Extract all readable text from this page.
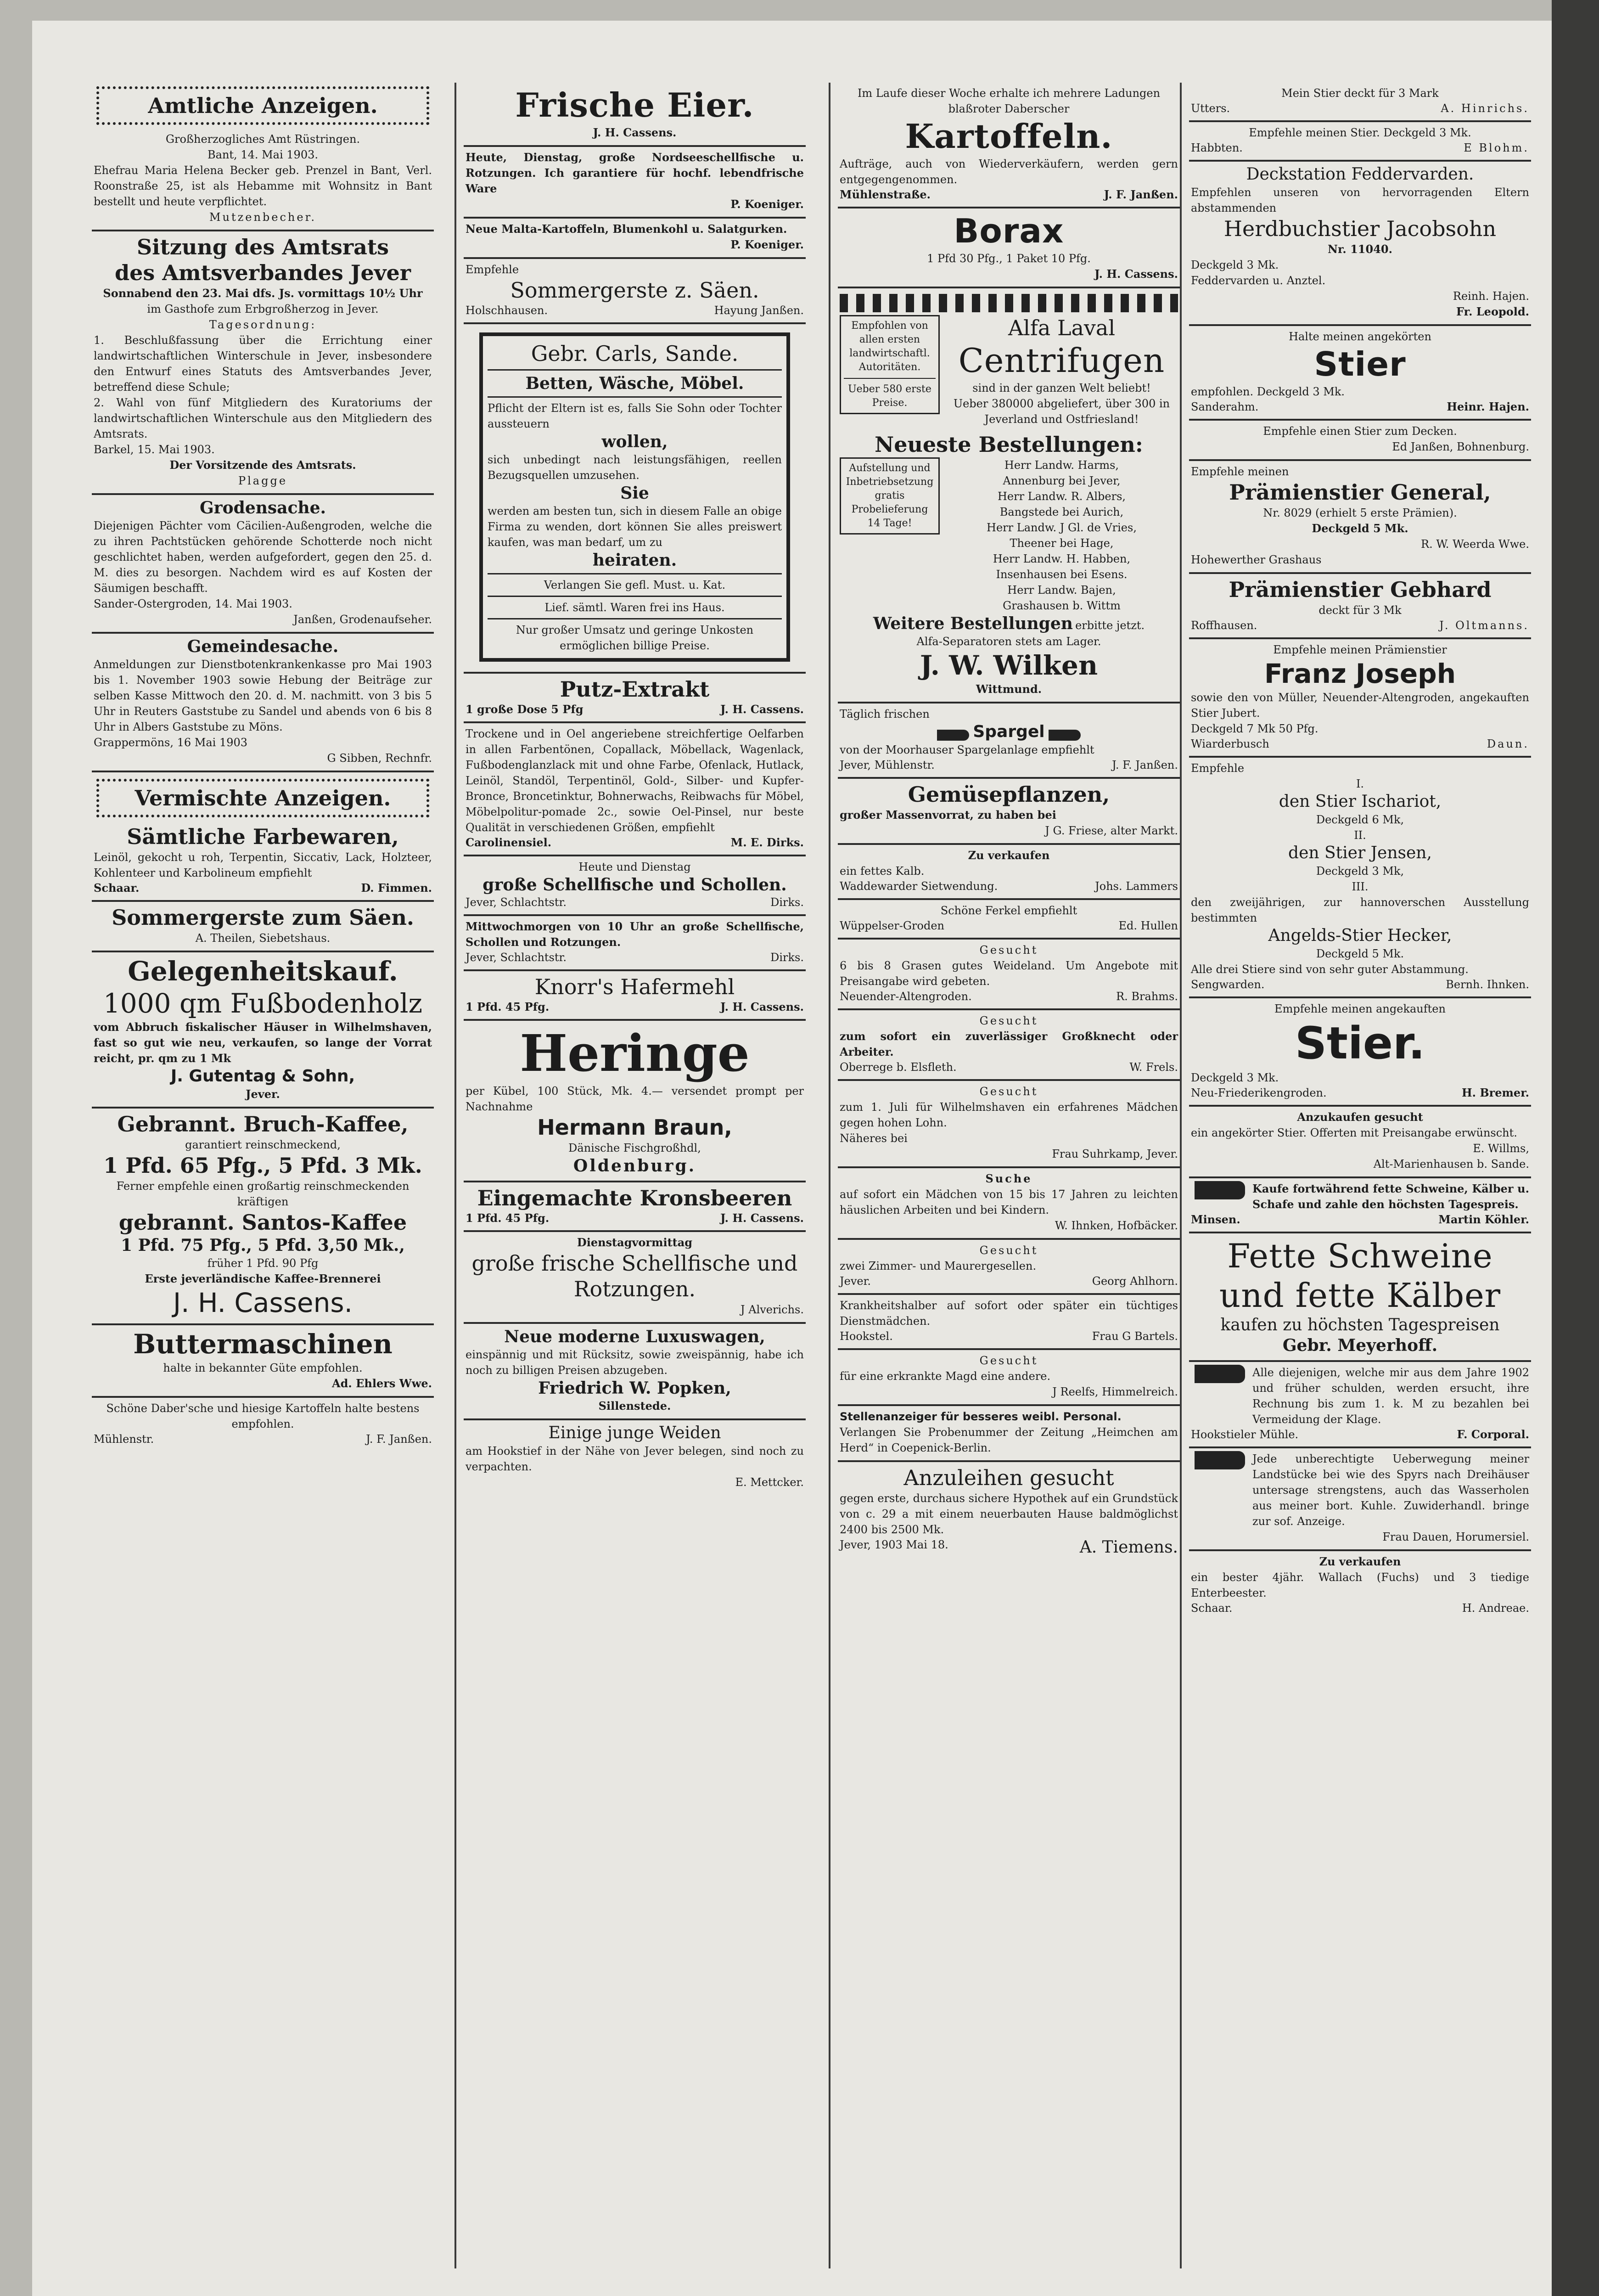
Amtliche Anzeigen.
Großherzogliches Amt Rüstringen.
Bant, 14. Mai 1903.
Ehefrau Maria Helena Becker geb. Prenzel in Bant, Verl. Roonstraße 25, ist als Hebamme mit Wohnsitz in Bant bestellt und heute verpflichtet.
Mutzenbecher.
Sitzung des Amtsrats
des Amtsverbandes Jever
Sonnabend den 23. Mai dfs. Js. vormittags 10½ Uhr
im Gasthofe zum Erbgroßherzog in Jever.
Tagesordnung:
1. Beschlußfassung über die Errichtung einer landwirtschaftlichen Winterschule in Jever, insbesondere den Entwurf eines Statuts des Amtsverbandes Jever, betreffend diese Schule;
2. Wahl von fünf Mitgliedern des Kuratoriums der landwirtschaftlichen Winterschule aus den Mitgliedern des Amtsrats.
Barkel, 15. Mai 1903.
Der Vorsitzende des Amtsrats.
Plagge
Grodensache.
Diejenigen Pächter vom Cäcilien-Außengroden, welche die zu ihren Pachtstücken gehörende Schotterde noch nicht geschlichtet haben, werden aufgefordert, gegen den 25. d. M. dies zu besorgen. Nachdem wird es auf Kosten der Säumigen beschafft.
Sander-Ostergroden, 14. Mai 1903.
Janßen, Grodenaufseher.
Gemeindesache.
Anmeldungen zur Dienstbotenkrankenkasse pro Mai 1903 bis 1. November 1903 sowie Hebung der Beiträge zur selben Kasse Mittwoch den 20. d. M. nachmitt. von 3 bis 5 Uhr in Reuters Gaststube zu Sandel und abends von 6 bis 8 Uhr in Albers Gaststube zu Möns.
Grappermöns, 16 Mai 1903
G Sibben, Rechnfr.
Vermischte Anzeigen.
Sämtliche Farbewaren,
Leinöl, gekocht u roh, Terpentin, Siccativ, Lack, Holzteer, Kohlenteer und Karbolineum empfiehlt
Schaar.	D. Fimmen.
Sommergerste zum Säen.
A. Theilen, Siebetshaus.
Gelegenheitskauf.
1000 qm Fußbodenholz
vom Abbruch fiskalischer Häuser in Wilhelmshaven, fast so gut wie neu, verkaufen, so lange der Vorrat reicht, pr. qm zu 1 Mk
J. Gutentag & Sohn,
Jever.
Gebrannt. Bruch-Kaffee,
garantiert reinschmeckend,
1 Pfd. 65 Pfg., 5 Pfd. 3 Mk.
Ferner empfehle einen großartig reinschmeckenden kräftigen
gebrannt. Santos-Kaffee
1 Pfd. 75 Pfg., 5 Pfd. 3,50 Mk.,
früher 1 Pfd. 90 Pfg
Erste jeverländische Kaffee-Brennerei
J. H. Cassens.
Buttermaschinen
halte in bekannter Güte empfohlen.
Ad. Ehlers Wwe.
Schöne Daber'sche und hiesige Kartoffeln halte bestens empfohlen.
Mühlenstr.	J. F. Janßen.
Frische Eier.
J. H. Cassens.
Heute, Dienstag, große Nordseeschellfische u. Rotzungen. Ich garantiere für hochf. lebendfrische Ware
P. Koeniger.
Neue Malta-Kartoffeln, Blumenkohl u. Salatgurken.
P. Koeniger.
Empfehle
Sommergerste z. Säen.
Holschhausen.	Hayung Janßen.
Gebr. Carls, Sande.
Betten, Wäsche, Möbel.
Pflicht der Eltern ist es, falls Sie Sohn oder Tochter aussteuern
wollen,
sich unbedingt nach leistungsfähigen, reellen Bezugsquellen umzusehen.
Sie
werden am besten tun, sich in diesem Falle an obige Firma zu wenden, dort können Sie alles preiswert kaufen, was man bedarf, um zu
heiraten.
Verlangen Sie gefl. Must. u. Kat.
Lief. sämtl. Waren frei ins Haus.
Nur großer Umsatz und geringe Unkosten ermöglichen billige Preise.
Putz-Extrakt
1 große Dose 5 Pfg	J. H. Cassens.
Trockene und in Oel angeriebene streichfertige Oelfarben in allen Farbentönen, Copallack, Möbellack, Wagenlack, Fußbodenglanzlack mit und ohne Farbe, Ofenlack, Hutlack, Leinöl, Standöl, Terpentinöl, Gold-, Silber- und Kupfer-Bronce, Broncetinktur, Bohnerwachs, Reibwachs für Möbel, Möbelpolitur-pomade 2c., sowie Oel-Pinsel, nur beste Qualität in verschiedenen Größen, empfiehlt
Carolinensiel.	M. E. Dirks.
Heute und Dienstag
große Schellfische und Schollen.
Jever, Schlachtstr.	Dirks.
Mittwochmorgen von 10 Uhr an große Schellfische, Schollen und Rotzungen.
Jever, Schlachtstr.	Dirks.
Knorr's Hafermehl
1 Pfd. 45 Pfg.	J. H. Cassens.
Heringe
per Kübel, 100 Stück, Mk. 4.— versendet prompt per Nachnahme
Hermann Braun,
Dänische Fischgroßhdl,
Oldenburg.
Eingemachte Kronsbeeren
1 Pfd. 45 Pfg.	J. H. Cassens.
Dienstagvormittag
große frische Schellfische und Rotzungen.
J Alverichs.
Neue moderne Luxuswagen,
einspännig und mit Rücksitz, sowie zweispännig, habe ich noch zu billigen Preisen abzugeben.
Friedrich W. Popken,
Sillenstede.
Einige junge Weiden
am Hookstief in der Nähe von Jever belegen, sind noch zu verpachten.
E. Mettcker.
Im Laufe dieser Woche erhalte ich mehrere Ladungen blaßroter Daberscher
Kartoffeln.
Aufträge, auch von Wiederverkäufern, werden gern entgegengenommen.
Mühlenstraße.	J. F. Janßen.
Borax
1 Pfd 30 Pfg., 1 Paket 10 Pfg.
J. H. Cassens.
Empfohlen von allen ersten landwirtschaftl. Autoritäten.
Ueber 580 erste Preise.
Alfa Laval
Centrifugen
sind in der ganzen Welt beliebt!
Ueber 380000 abgeliefert, über 300 in Jeverland und Ostfriesland!
Neueste Bestellungen:
Aufstellung und Inbetriebsetzung gratis Probelieferung 14 Tage!
Herr Landw. Harms,
Annenburg bei Jever,
Herr Landw. R. Albers,
Bangstede bei Aurich,
Herr Landw. J Gl. de Vries,
Theener bei Hage,
Herr Landw. H. Habben,
Insenhausen bei Esens.
Herr Landw. Bajen,
Grashausen b. Wittm
Weitere Bestellungen erbitte jetzt.
Alfa-Separatoren stets am Lager.
J. W. Wilken
Wittmund.
Täglich frischen
Spargel
von der Moorhauser Spargelanlage empfiehlt
Jever, Mühlenstr.	J. F. Janßen.
Gemüsepflanzen,
großer Massenvorrat, zu haben bei
J G. Friese, alter Markt.
Zu verkaufen
ein fettes Kalb.
Waddewarder Sietwendung.	Johs. Lammers
Schöne Ferkel empfiehlt
Wüppelser-Groden	Ed. Hullen
Gesucht
6 bis 8 Grasen gutes Weideland. Um Angebote mit Preisangabe wird gebeten.
Neuender-Altengroden.	R. Brahms.
Gesucht
zum sofort ein zuverlässiger Großknecht oder Arbeiter.
Oberrege b. Elsfleth.	W. Frels.
Gesucht
zum 1. Juli für Wilhelmshaven ein erfahrenes Mädchen gegen hohen Lohn.
Näheres bei
Frau Suhrkamp, Jever.
Suche
auf sofort ein Mädchen von 15 bis 17 Jahren zu leichten häuslichen Arbeiten und bei Kindern.
W. Ihnken, Hofbäcker.
Gesucht
zwei Zimmer- und Maurergesellen.
Jever.	Georg Ahlhorn.
Krankheitshalber auf sofort oder später ein tüchtiges Dienstmädchen.
Hookstel.	Frau G Bartels.
Gesucht
für eine erkrankte Magd eine andere.
J Reelfs, Himmelreich.
Stellenanzeiger für besseres weibl. Personal.
Verlangen Sie Probenummer der Zeitung „Heimchen am Herd“ in Coepenick-Berlin.
Anzuleihen gesucht
gegen erste, durchaus sichere Hypothek auf ein Grundstück von c. 29 a mit einem neuerbauten Hause baldmöglichst 2400 bis 2500 Mk.
Jever, 1903 Mai 18.	A. Tiemens.
Mein Stier deckt für 3 Mark
Utters.	A. Hinrichs.
Empfehle meinen Stier. Deckgeld 3 Mk.
Habbten.	E Blohm.
Deckstation Feddervarden.
Empfehlen unseren von hervorragenden Eltern abstammenden
Herdbuchstier Jacobsohn
Nr. 11040.
Deckgeld 3 Mk.
Feddervarden u. Anztel.
Reinh. Hajen.
Fr. Leopold.
Halte meinen angekörten
Stier
empfohlen. Deckgeld 3 Mk.
Sanderahm.	Heinr. Hajen.
Empfehle einen Stier zum Decken.
Ed Janßen, Bohnenburg.
Empfehle meinen
Prämienstier General,
Nr. 8029 (erhielt 5 erste Prämien).
Deckgeld 5 Mk.
R. W. Weerda Wwe.
Hohewerther Grashaus
Prämienstier Gebhard
deckt für 3 Mk
Roffhausen.	J. Oltmanns.
Empfehle meinen Prämienstier
Franz Joseph
sowie den von Müller, Neuender-Altengroden, angekauften Stier Jubert.
Deckgeld 7 Mk 50 Pfg.
Wiarderbusch	Daun.
Empfehle
I.
den Stier Ischariot,
Deckgeld 6 Mk,
II.
den Stier Jensen,
Deckgeld 3 Mk,
III.
den zweijährigen, zur hannoverschen Ausstellung bestimmten
Angelds-Stier Hecker,
Deckgeld 5 Mk.
Alle drei Stiere sind von sehr guter Abstammung.
Sengwarden.	Bernh. Ihnken.
Empfehle meinen angekauften
Stier.
Deckgeld 3 Mk.
Neu-Friederikengroden.	H. Bremer.
Anzukaufen gesucht
ein angekörter Stier. Offerten mit Preisangabe erwünscht.
E. Willms,
Alt-Marienhausen b. Sande.
Kaufe fortwährend fette Schweine, Kälber u. Schafe und zahle den höchsten Tagespreis.
Minsen.	Martin Köhler.
Fette Schweine
und fette Kälber
kaufen zu höchsten Tagespreisen
Gebr. Meyerhoff.
Alle diejenigen, welche mir aus dem Jahre 1902 und früher schulden, werden ersucht, ihre Rechnung bis zum 1. k. M zu bezahlen bei Vermeidung der Klage.
Hookstieler Mühle.	F. Corporal.
Jede unberechtigte Ueberwegung meiner Landstücke bei wie des Spyrs nach Dreihäuser untersage strengstens, auch das Wasserholen aus meiner bort. Kuhle. Zuwiderhandl. bringe zur sof. Anzeige.
Frau Dauen, Horumersiel.
Zu verkaufen
ein bester 4jähr. Wallach (Fuchs) und 3 tiedige Enterbeester.
Schaar.	H. Andreae.
